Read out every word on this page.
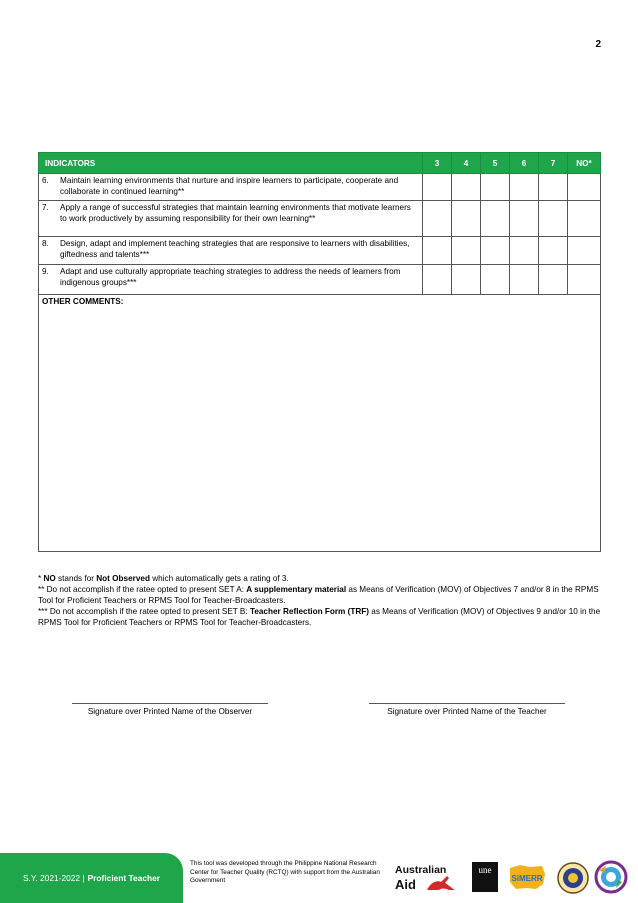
2
INDICATORS	3	4	5	6	7	NO*

6. Maintain learning environments that nurture and inspire learners to participate, cooperate and collaborate in continued learning**						

7. Apply a range of successful strategies that maintain learning environments that motivate learners to work productively by assuming responsibility for their own learning**						

8. Design, adapt and implement teaching strategies that are responsive to learners with disabilities, giftedness and talents***						

9. Adapt and use culturally appropriate teaching strategies to address the needs of learners from indigenous groups***						

OTHER COMMENTS:						
* NO stands for Not Observed which automatically gets a rating of 3.
** Do not accomplish if the ratee opted to present SET A: A supplementary material as Means of Verification (MOV) of Objectives 7 and/or 8 in the RPMS Tool for Proficient Teachers or RPMS Tool for Teacher-Broadcasters.
*** Do not accomplish if the ratee opted to present SET B: Teacher Reflection Form (TRF) as Means of Verification (MOV) of Objectives 9 and/or 10 in the RPMS Tool for Proficient Teachers or RPMS Tool for Teacher-Broadcasters.
Signature over Printed Name of the Observer	Signature over Printed Name of the Teacher
S.Y. 2021-2022 | Proficient Teacher
This tool was developed through the Philippine National Research Center for Teacher Quality (RCTQ) with support from the Australian Government
Australian
Aid
une
SiMERR
